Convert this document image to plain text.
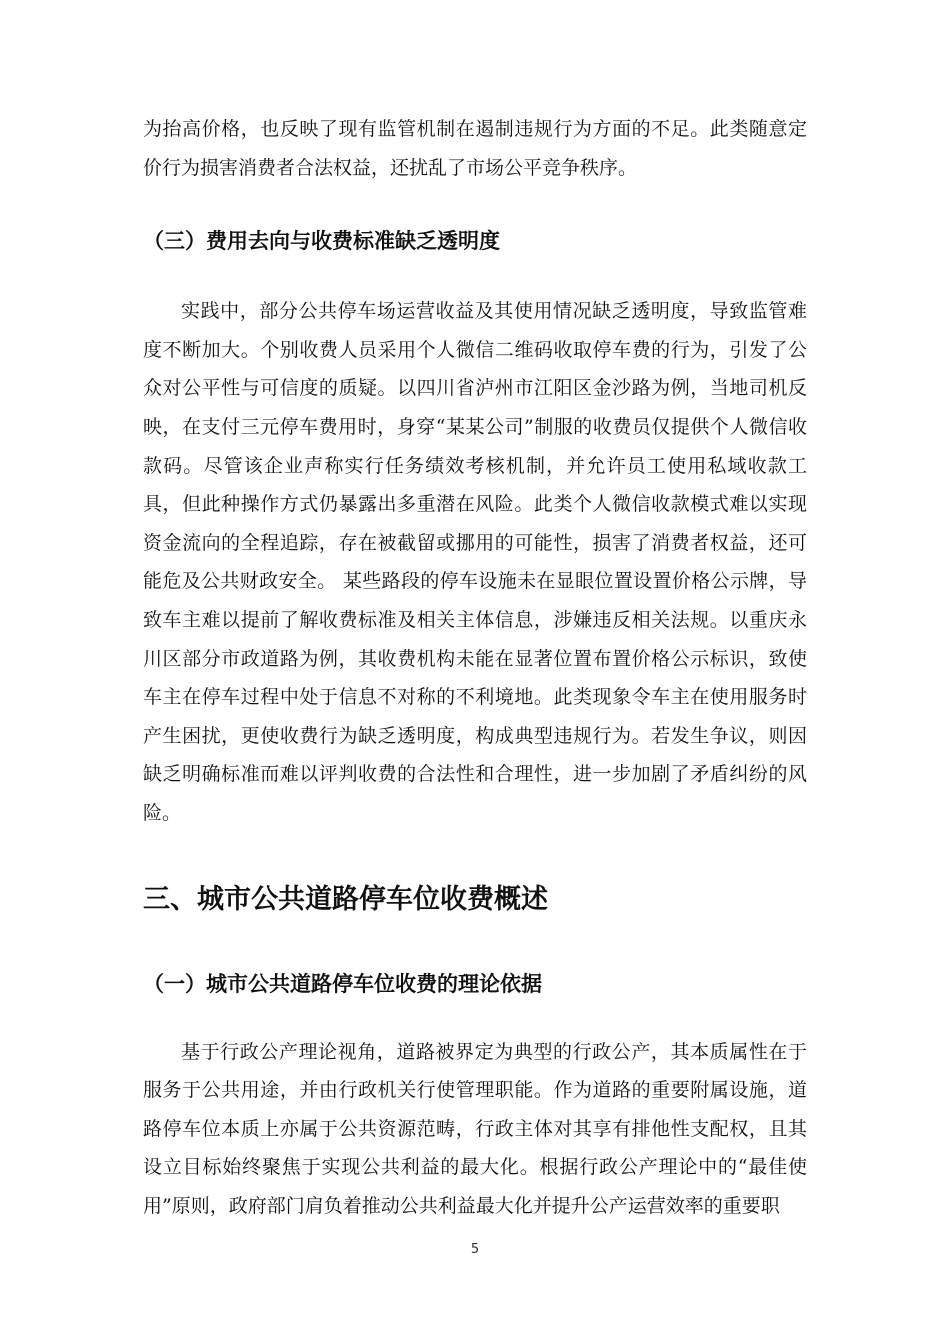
为抬高价格，也反映了现有监管机制在遏制违规行为方面的不足。此类随意定价行为损害消费者合法权益，还扰乱了市场公平竞争秩序。

（三）费用去向与收费标准缺乏透明度

实践中，部分公共停车场运营收益及其使用情况缺乏透明度，导致监管难度不断加大。个别收费人员采用个人微信二维码收取停车费的行为，引发了公众对公平性与可信度的质疑。以四川省泸州市江阳区金沙路为例，当地司机反映，在支付三元停车费用时，身穿“某某公司”制服的收费员仅提供个人微信收款码。尽管该企业声称实行任务绩效考核机制，并允许员工使用私域收款工具，但此种操作方式仍暴露出多重潜在风险。此类个人微信收款模式难以实现资金流向的全程追踪，存在被截留或挪用的可能性，损害了消费者权益，还可能危及公共财政安全。 某些路段的停车设施未在显眼位置设置价格公示牌，导致车主难以提前了解收费标准及相关主体信息，涉嫌违反相关法规。以重庆永川区部分市政道路为例，其收费机构未能在显著位置布置价格公示标识，致使车主在停车过程中处于信息不对称的不利境地。此类现象令车主在使用服务时产生困扰，更使收费行为缺乏透明度，构成典型违规行为。若发生争议，则因缺乏明确标准而难以评判收费的合法性和合理性，进一步加剧了矛盾纠纷的风险。

三、城市公共道路停车位收费概述
（一）城市公共道路停车位收费的理论依据

基于行政公产理论视角，道路被界定为典型的行政公产，其本质属性在于服务于公共用途，并由行政机关行使管理职能。作为道路的重要附属设施，道路停车位本质上亦属于公共资源范畴，行政主体对其享有排他性支配权，且其设立目标始终聚焦于实现公共利益的最大化。根据行政公产理论中的“最佳使用”原则，政府部门肩负着推动公共利益最大化并提升公产运营效率的重要职

5
